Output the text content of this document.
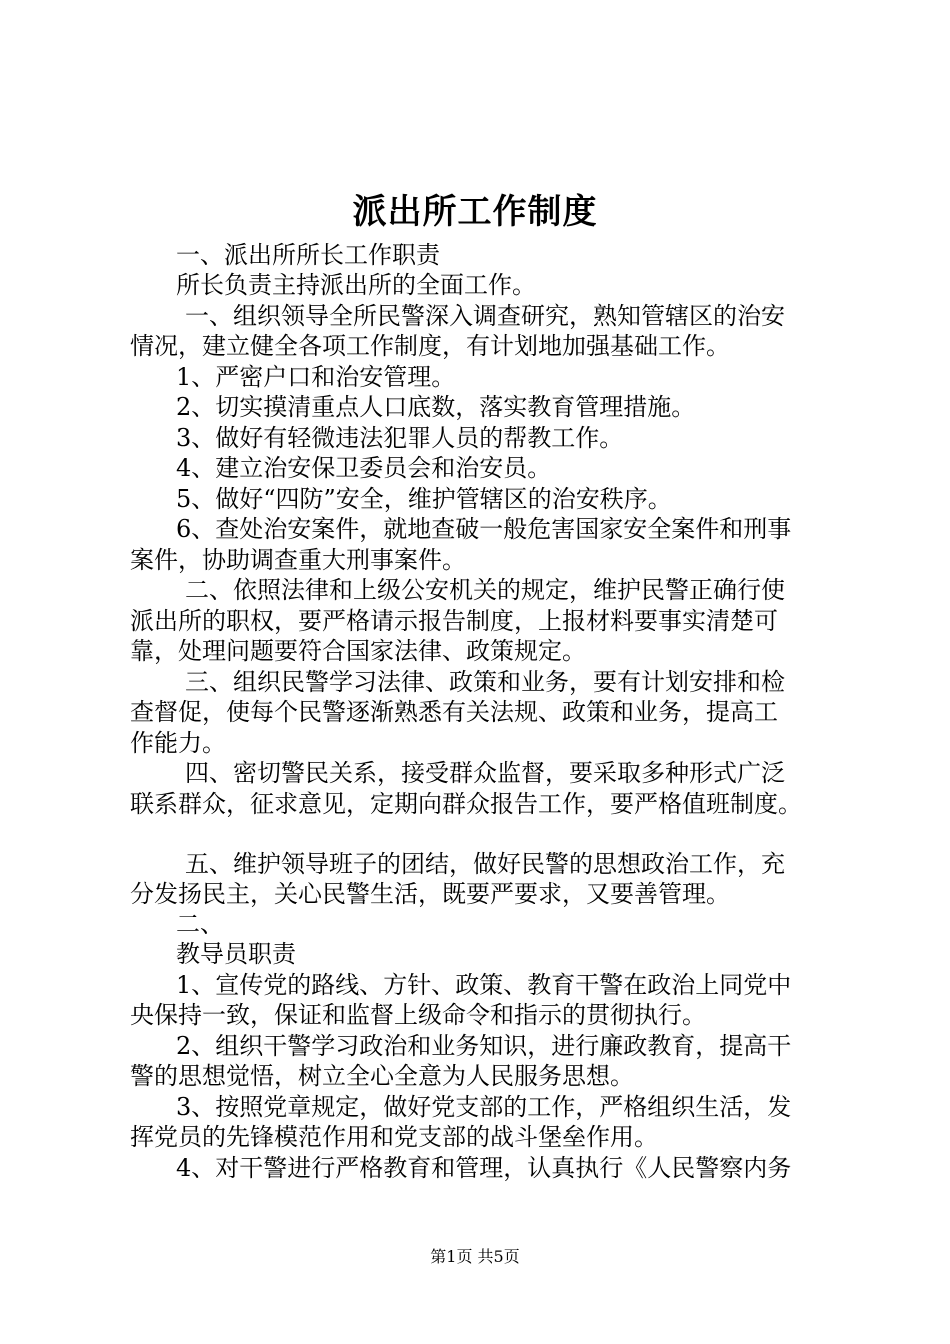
派出所工作制度
一、派出所所长工作职责
所长负责主持派出所的全面工作。
一、组织领导全所民警深入调查研究，熟知管辖区的治安
情况，建立健全各项工作制度，有计划地加强基础工作。
1、严密户口和治安管理。
2、切实摸清重点人口底数，落实教育管理措施。
3、做好有轻微违法犯罪人员的帮教工作。
4、建立治安保卫委员会和治安员。
5、做好“四防”安全，维护管辖区的治安秩序。
6、查处治安案件，就地查破一般危害国家安全案件和刑事
案件，协助调查重大刑事案件。
二、依照法律和上级公安机关的规定，维护民警正确行使
派出所的职权，要严格请示报告制度，上报材料要事实清楚可
靠，处理问题要符合国家法律、政策规定。
三、组织民警学习法律、政策和业务，要有计划安排和检
查督促，使每个民警逐渐熟悉有关法规、政策和业务，提高工
作能力。
四、密切警民关系，接受群众监督，要采取多种形式广泛
联系群众，征求意见，定期向群众报告工作，要严格值班制度。
五、维护领导班子的团结，做好民警的思想政治工作，充
分发扬民主，关心民警生活，既要严要求，又要善管理。
二、
教导员职责
1、宣传党的路线、方针、政策、教育干警在政治上同党中
央保持一致，保证和监督上级命令和指示的贯彻执行。
2、组织干警学习政治和业务知识，进行廉政教育，提高干
警的思想觉悟，树立全心全意为人民服务思想。
3、按照党章规定，做好党支部的工作，严格组织生活，发
挥党员的先锋模范作用和党支部的战斗堡垒作用。
4、对干警进行严格教育和管理，认真执行《人民警察内务
第1页 共5页
